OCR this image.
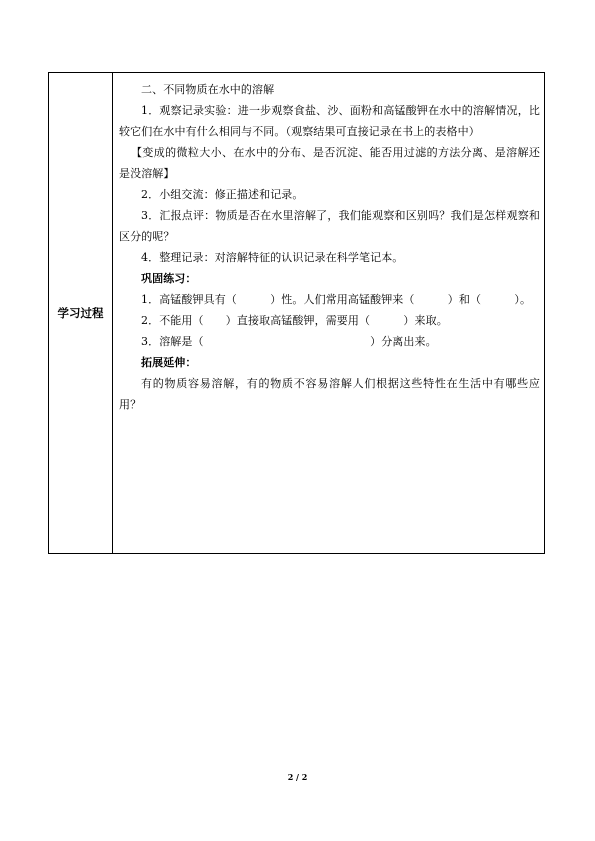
学习过程	

二、不同物质在水中的溶解

1．观察记录实验：进一步观察食盐、沙、面粉和高锰酸钾在水中的溶解情况，比较它们在水中有什么相同与不同。（观察结果可直接记录在书上的表格中）

【变成的微粒大小、在水中的分布、是否沉淀、能否用过滤的方法分离、是溶解还是没溶解】

2．小组交流：修正描述和记录。

3．汇报点评：物质是否在水里溶解了，我们能观察和区别吗？我们是怎样观察和区分的呢？

4．整理记录：对溶解特征的认识记录在科学笔记本。

巩固练习：

1．高锰酸钾具有（　　　）性。人们常用高锰酸钾来（　　　）和（　　　）。

2．不能用（　　）直接取高锰酸钾，需要用（　　　）来取。

3．溶解是（　　　　　　　　　　　　　　　）分离出来。

拓展延伸：

有的物质容易溶解，有的物质不容易溶解人们根据这些特性在生活中有哪些应用？

2 / 2
